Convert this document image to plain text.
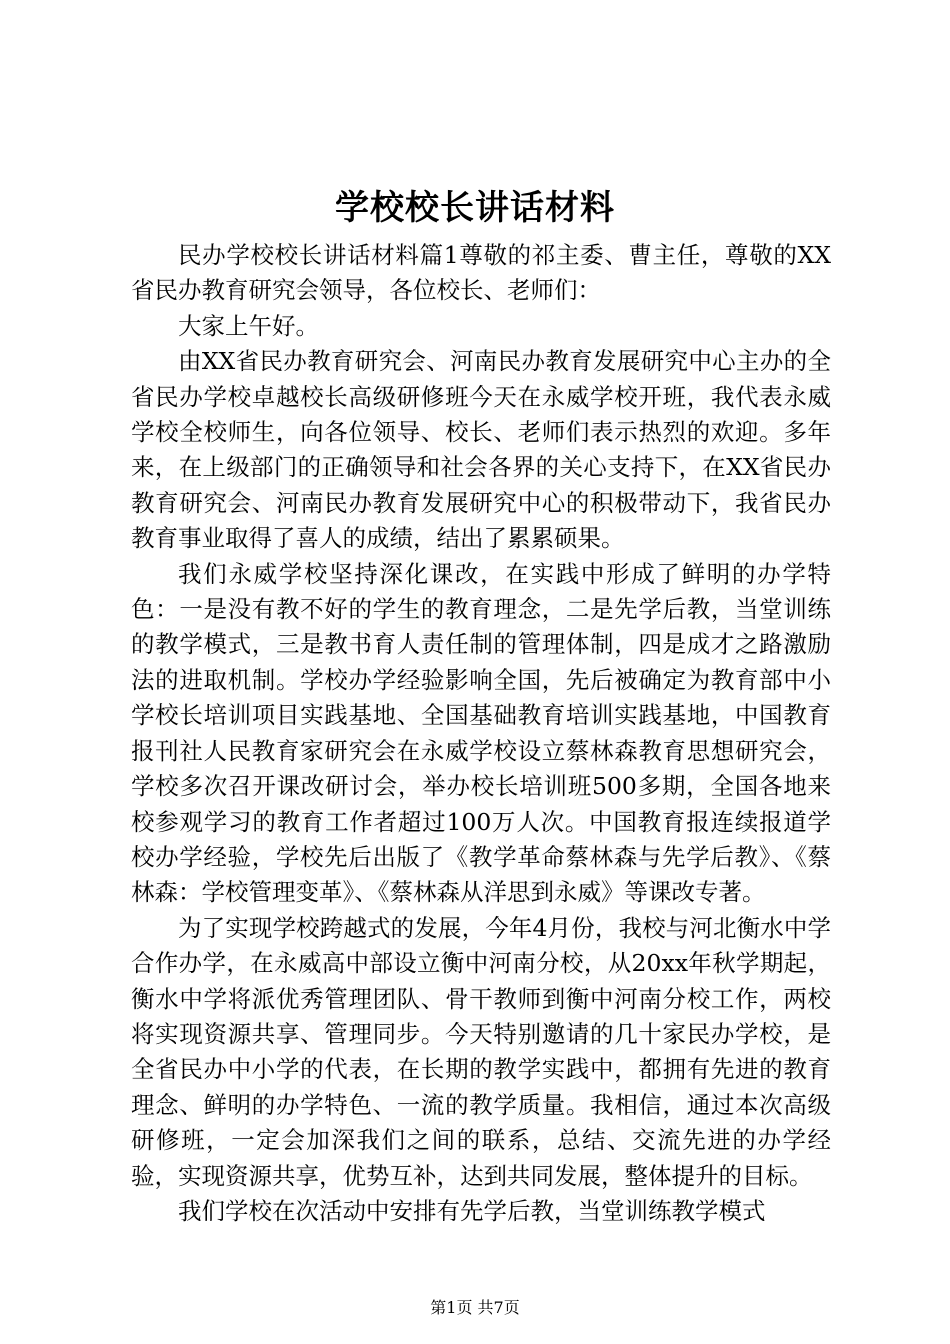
学校校长讲话材料

民办学校校长讲话材料篇1尊敬的祁主委、曹主任，尊敬的XX省民办教育研究会领导，各位校长、老师们：

大家上午好。

由XX省民办教育研究会、河南民办教育发展研究中心主办的全省民办学校卓越校长高级研修班今天在永威学校开班，我代表永威学校全校师生，向各位领导、校长、老师们表示热烈的欢迎。多年来，在上级部门的正确领导和社会各界的关心支持下，在XX省民办教育研究会、河南民办教育发展研究中心的积极带动下，我省民办教育事业取得了喜人的成绩，结出了累累硕果。

我们永威学校坚持深化课改，在实践中形成了鲜明的办学特色：一是没有教不好的学生的教育理念，二是先学后教，当堂训练的教学模式，三是教书育人责任制的管理体制，四是成才之路激励法的进取机制。学校办学经验影响全国，先后被确定为教育部中小学校长培训项目实践基地、全国基础教育培训实践基地，中国教育报刊社人民教育家研究会在永威学校设立蔡林森教育思想研究会，学校多次召开课改研讨会，举办校长培训班500多期，全国各地来校参观学习的教育工作者超过100万人次。中国教育报连续报道学校办学经验，学校先后出版了《教学革命蔡林森与先学后教》、《蔡林森：学校管理变革》、《蔡林森从洋思到永威》等课改专著。

为了实现学校跨越式的发展，今年4月份，我校与河北衡水中学合作办学，在永威高中部设立衡中河南分校，从20xx年秋学期起，衡水中学将派优秀管理团队、骨干教师到衡中河南分校工作，两校将实现资源共享、管理同步。今天特别邀请的几十家民办学校，是全省民办中小学的代表，在长期的教学实践中，都拥有先进的教育理念、鲜明的办学特色、一流的教学质量。我相信，通过本次高级研修班，一定会加深我们之间的联系，总结、交流先进的办学经验，实现资源共享，优势互补，达到共同发展，整体提升的目标。

我们学校在次活动中安排有先学后教，当堂训练教学模式

第1页 共7页
